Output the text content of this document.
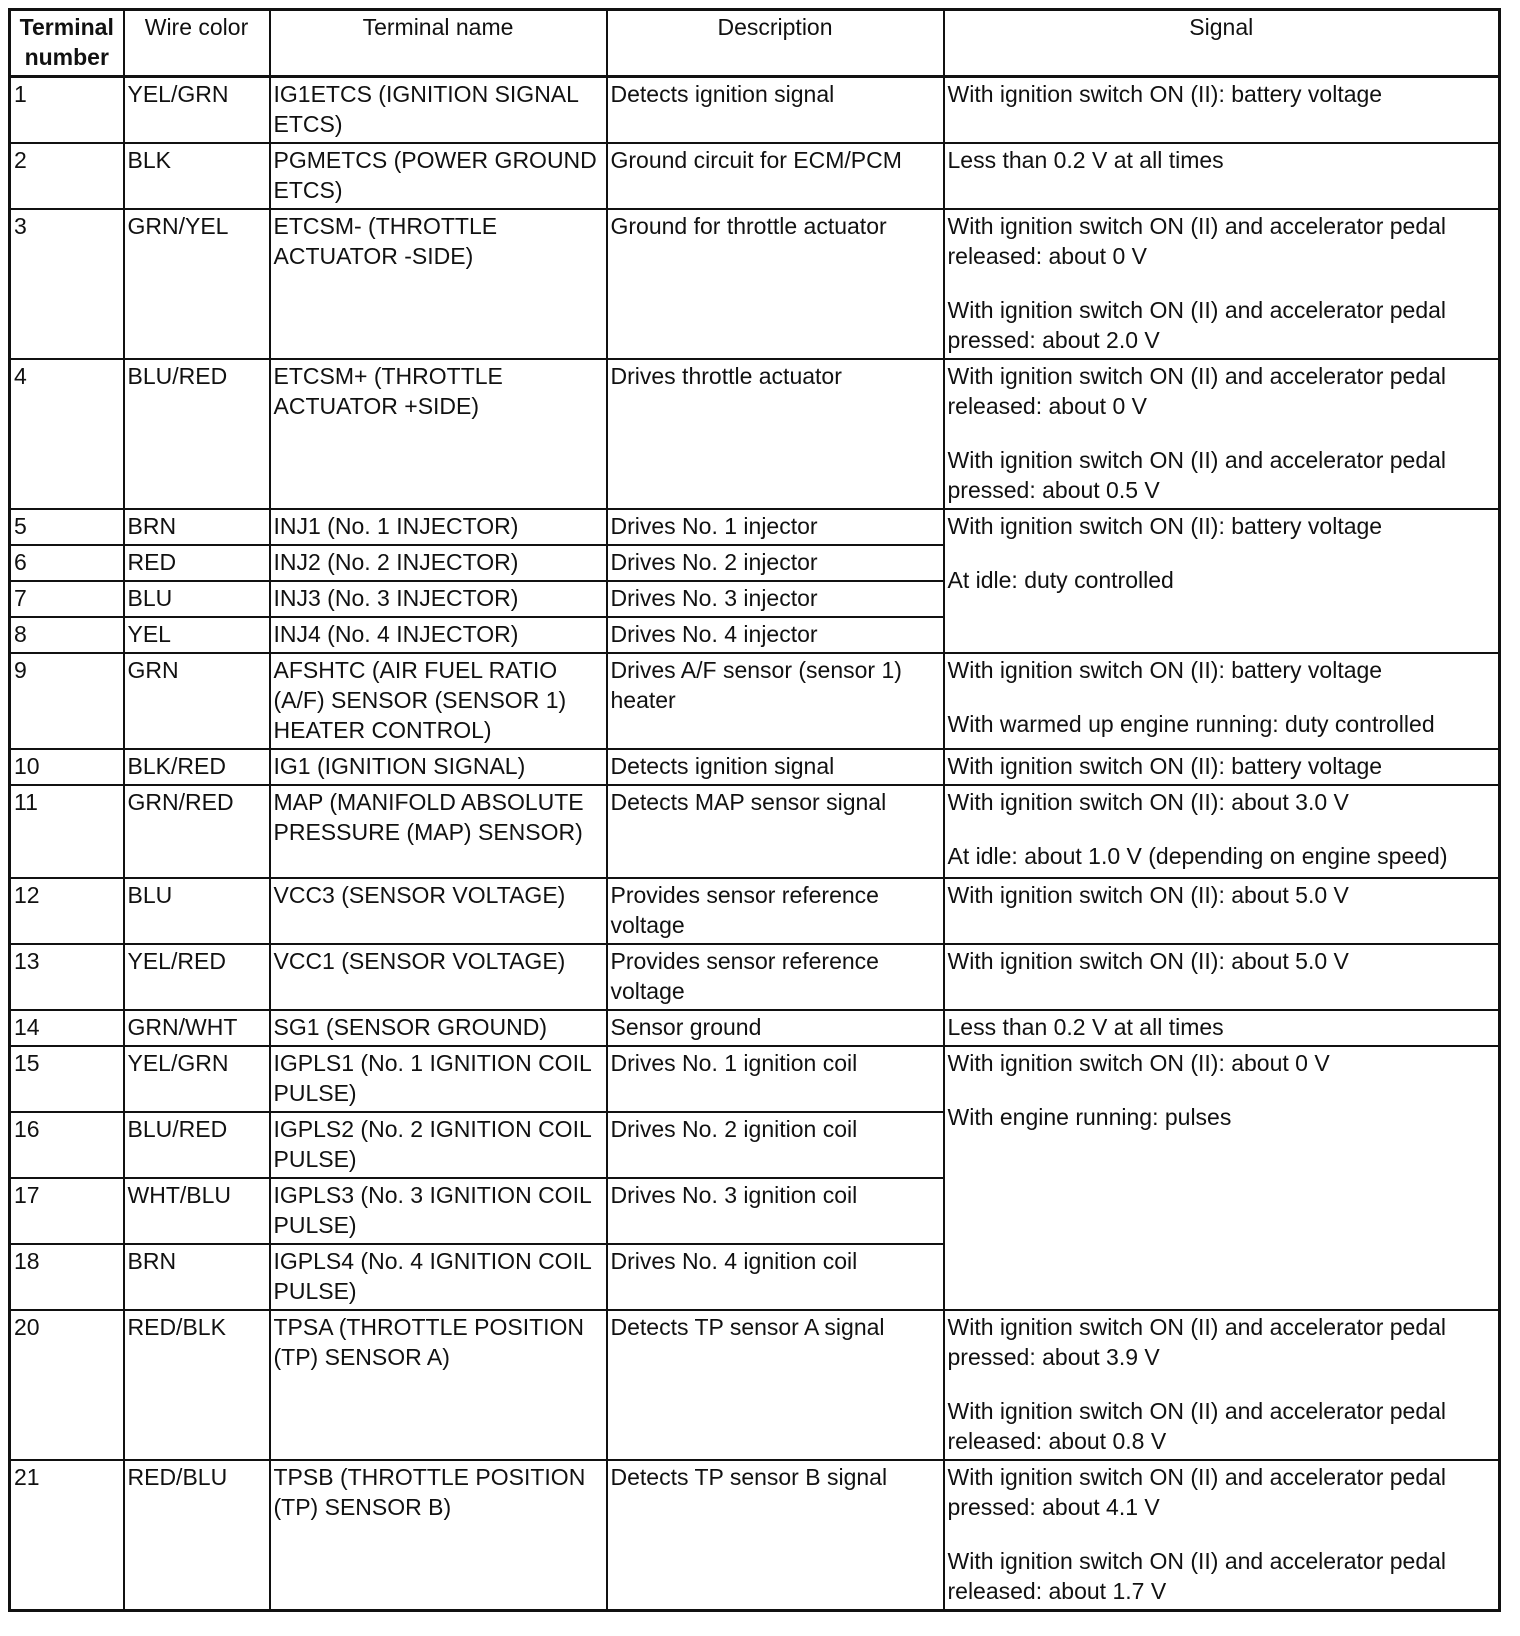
Terminal number	Wire color	Terminal name	Description	Signal
1	YEL/GRN	IG1ETCS (IGNITION SIGNAL ETCS)	Detects ignition signal	With ignition switch ON (II): battery voltage

2	BLK	PGMETCS (POWER GROUND ETCS)	Ground circuit for ECM/PCM	Less than 0.2 V at all times

3	GRN/YEL	ETCSM- (THROTTLE ACTUATOR -SIDE)	Ground for throttle actuator	With ignition switch ON (II) and accelerator pedal released: about 0 V
With ignition switch ON (II) and accelerator pedal pressed: about 2.0 V

4	BLU/RED	ETCSM+ (THROTTLE ACTUATOR +SIDE)	Drives throttle actuator	With ignition switch ON (II) and accelerator pedal released: about 0 V
With ignition switch ON (II) and accelerator pedal pressed: about 0.5 V

5	BRN	INJ1 (No. 1 INJECTOR)	Drives No. 1 injector	With ignition switch ON (II): battery voltage
At idle: duty controlled

6	RED	INJ2 (No. 2 INJECTOR)	Drives No. 2 injector	
7	BLU	INJ3 (No. 3 INJECTOR)	Drives No. 3 injector	
8	YEL	INJ4 (No. 4 INJECTOR)	Drives No. 4 injector	
9	GRN	AFSHTC (AIR FUEL RATIO (A/F) SENSOR (SENSOR 1) HEATER CONTROL)	Drives A/F sensor (sensor 1) heater	With ignition switch ON (II): battery voltage
With warmed up engine running: duty controlled

10	BLK/RED	IG1 (IGNITION SIGNAL)	Detects ignition signal	With ignition switch ON (II): battery voltage

11	GRN/RED	MAP (MANIFOLD ABSOLUTE PRESSURE (MAP) SENSOR)	Detects MAP sensor signal	With ignition switch ON (II): about 3.0 V
At idle: about 1.0 V (depending on engine speed)

12	BLU	VCC3 (SENSOR VOLTAGE)	Provides sensor reference voltage	With ignition switch ON (II): about 5.0 V

13	YEL/RED	VCC1 (SENSOR VOLTAGE)	Provides sensor reference voltage	With ignition switch ON (II): about 5.0 V

14	GRN/WHT	SG1 (SENSOR GROUND)	Sensor ground	Less than 0.2 V at all times

15	YEL/GRN	IGPLS1 (No. 1 IGNITION COIL PULSE)	Drives No. 1 ignition coil	With ignition switch ON (II): about 0 V
With engine running: pulses

16	BLU/RED	IGPLS2 (No. 2 IGNITION COIL PULSE)	Drives No. 2 ignition coil	
17	WHT/BLU	IGPLS3 (No. 3 IGNITION COIL PULSE)	Drives No. 3 ignition coil	
18	BRN	IGPLS4 (No. 4 IGNITION COIL PULSE)	Drives No. 4 ignition coil	
20	RED/BLK	TPSA (THROTTLE POSITION (TP) SENSOR A)	Detects TP sensor A signal	With ignition switch ON (II) and accelerator pedal pressed: about 3.9 V
With ignition switch ON (II) and accelerator pedal released: about 0.8 V

21	RED/BLU	TPSB (THROTTLE POSITION (TP) SENSOR B)	Detects TP sensor B signal	With ignition switch ON (II) and accelerator pedal pressed: about 4.1 V
With ignition switch ON (II) and accelerator pedal released: about 1.7 V
